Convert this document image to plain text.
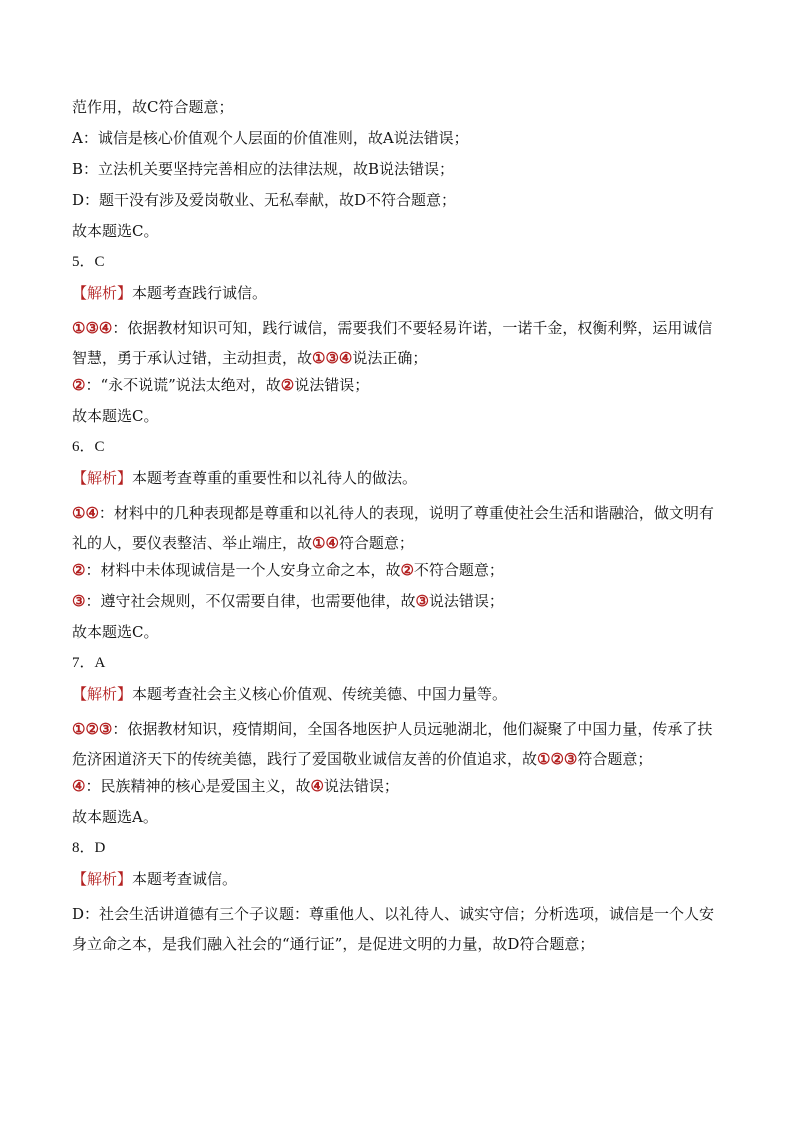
范作用，故C符合题意；

A：诚信是核心价值观个人层面的价值准则，故A说法错误；

B：立法机关要坚持完善相应的法律法规，故B说法错误；

D：题干没有涉及爱岗敬业、无私奉献，故D不符合题意；

故本题选C。

5．C

【解析】本题考查践行诚信。

①③④：依据教材知识可知，践行诚信，需要我们不要轻易许诺，一诺千金，权衡利弊，运用诚信智慧，勇于承认过错，主动担责，故①③④说法正确；

②：“永不说谎”说法太绝对，故②说法错误；

故本题选C。

6．C

【解析】本题考查尊重的重要性和以礼待人的做法。

①④：材料中的几种表现都是尊重和以礼待人的表现，说明了尊重使社会生活和谐融洽，做文明有礼的人，要仪表整洁、举止端庄，故①④符合题意；

②：材料中未体现诚信是一个人安身立命之本，故②不符合题意；

③：遵守社会规则，不仅需要自律，也需要他律，故③说法错误；

故本题选C。

7．A

【解析】本题考查社会主义核心价值观、传统美德、中国力量等。

①②③：依据教材知识，疫情期间，全国各地医护人员远驰湖北，他们凝聚了中国力量，传承了扶危济困道济天下的传统美德，践行了爱国敬业诚信友善的价值追求，故①②③符合题意；

④：民族精神的核心是爱国主义，故④说法错误；

故本题选A。

8．D

【解析】本题考查诚信。

D：社会生活讲道德有三个子议题：尊重他人、以礼待人、诚实守信；分析选项，诚信是一个人安身立命之本，是我们融入社会的“通行证”，是促进文明的力量，故D符合题意；
